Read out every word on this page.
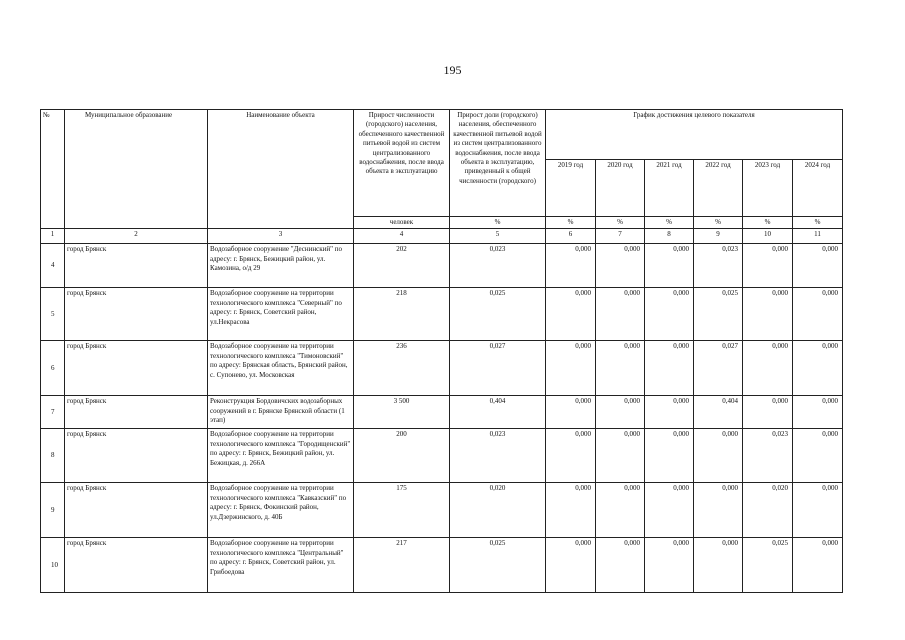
195
№	Муниципальное образование	Наименование объекта	Прирост численности (городского) населения, обеспеченного качественной питьевой водой из систем централизованного водоснабжения, после ввода объекта в эксплуатацию	Прирост доли (городского) населения, обеспеченного качественной питьевой водой из систем централизованного водоснабжения, после ввода объекта в эксплуатацию, приведенный к общей численности (городского)	График достижения целевого показателя					
					2019 год	2020 год	2021 год	2022 год	2023 год	2024 год
			человек	%	%	%	%	%	%	%
1	2	3	4	5	6	7	8	9	10	11
4	город Брянск	Водозаборное сооружение "Деснинский" по адресу: г. Брянск, Бежицкий район, ул. Камозина, о/д 29	202	0,023	0,000	0,000	0,000	0,023	0,000	0,000
5	город Брянск	Водозаборное сооружение на территории технологического комплекса "Северный" по адресу: г. Брянск, Советский район, ул.Некрасова	218	0,025	0,000	0,000	0,000	0,025	0,000	0,000
6	город Брянск	Водозаборное сооружение на территории технологического комплекса "Тимоновский" по адресу: Брянская область, Брянский район, с. Супонево, ул. Московская	236	0,027	0,000	0,000	0,000	0,027	0,000	0,000
7	город Брянск	Реконструкция Бордовичских водозаборных сооружений в г. Брянске Брянской области (1 этап)	3 500	0,404	0,000	0,000	0,000	0,404	0,000	0,000
8	город Брянск	Водозаборное сооружение на территории технологического комплекса "Городищенский" по адресу: г. Брянск, Бежицкий район, ул. Бежицкая, д. 266А	200	0,023	0,000	0,000	0,000	0,000	0,023	0,000
9	город Брянск	Водозаборное сооружение на территории технологического комплекса "Кавказский" по адресу: г. Брянск, Фокинский район, ул.Дзержинского, д. 40Б	175	0,020	0,000	0,000	0,000	0,000	0,020	0,000
10	город Брянск	Водозаборное сооружение на территории технологического комплекса "Центральный" по адресу: г. Брянск, Советский район, ул. Грибоедова	217	0,025	0,000	0,000	0,000	0,000	0,025	0,000
